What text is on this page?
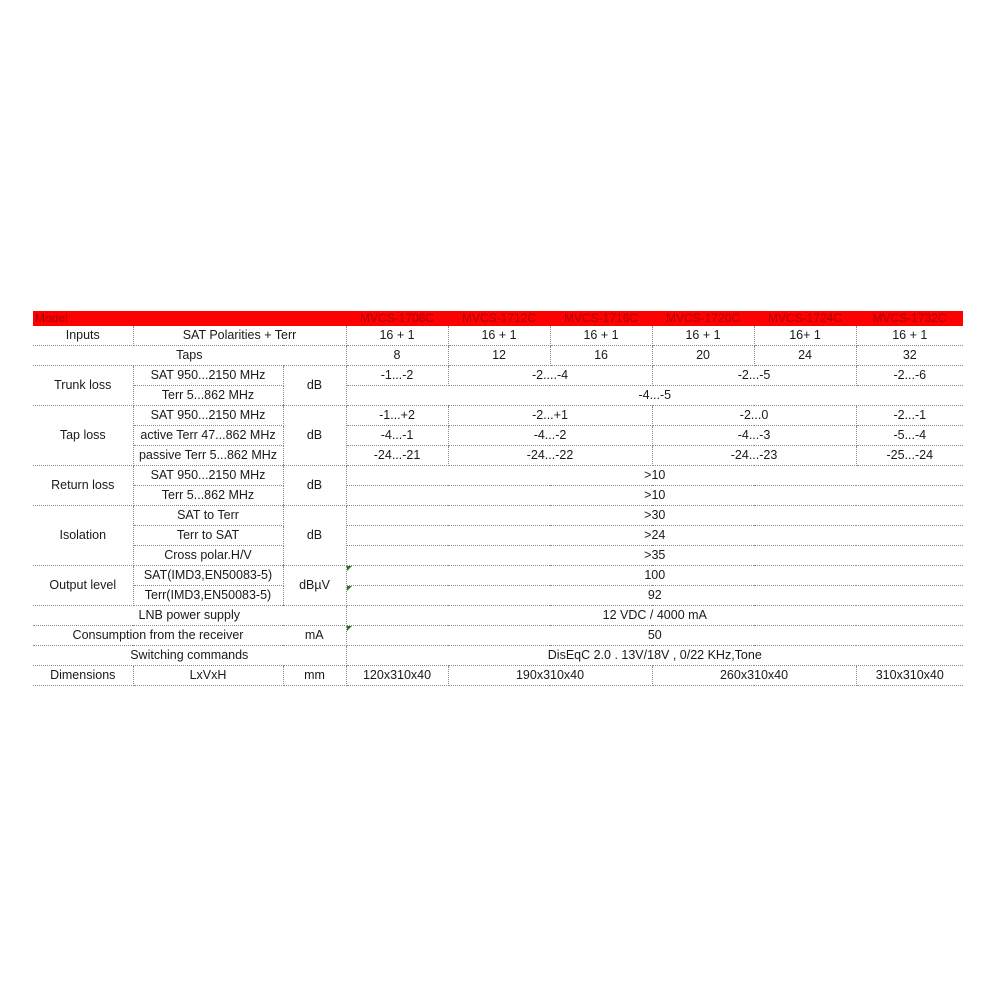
Model			MVCS-1708C	MVCS-1712C	MVCS-1716C	MVCS-1720C	MVCS-1724C	MVCS-1732C
Inputs	SAT Polarities + Terr		16 + 1	16 + 1	16 + 1	16 + 1	16+ 1	16 + 1
Taps			8	12	16	20	24	32
Trunk loss	SAT 950...2150 MHz	dB	-1...-2	-2....-4		-2...-5		-2...-6
	Terr 5...862 MHz		-4...-5					
Tap loss	SAT 950...2150 MHz	dB	-1...+2	-2...+1		-2...0		-2...-1
	active Terr 47...862 MHz		-4...-1	-4...-2		-4...-3		-5...-4
	passive Terr 5...862 MHz		-24...-21	-24...-22		-24...-23		-25...-24
Return loss	SAT 950...2150 MHz	dB	>10					
	Terr 5...862 MHz		>10					
Isolation	SAT to Terr	dB	>30					
	Terr to SAT		>24					
	Cross polar.H/V		>35					
Output level	SAT(IMD3,EN50083-5)	dBµV	100					
	Terr(IMD3,EN50083-5)		92					
LNB power supply			12 VDC / 4000 mA					
Consumption from the receiver		mA	50					
Switching commands			DisEqC 2.0 . 13V/18V , 0/22 KHz,Tone					
Dimensions	LxVxH	mm	120x310x40	190x310x40		260x310x40		310x310x40
